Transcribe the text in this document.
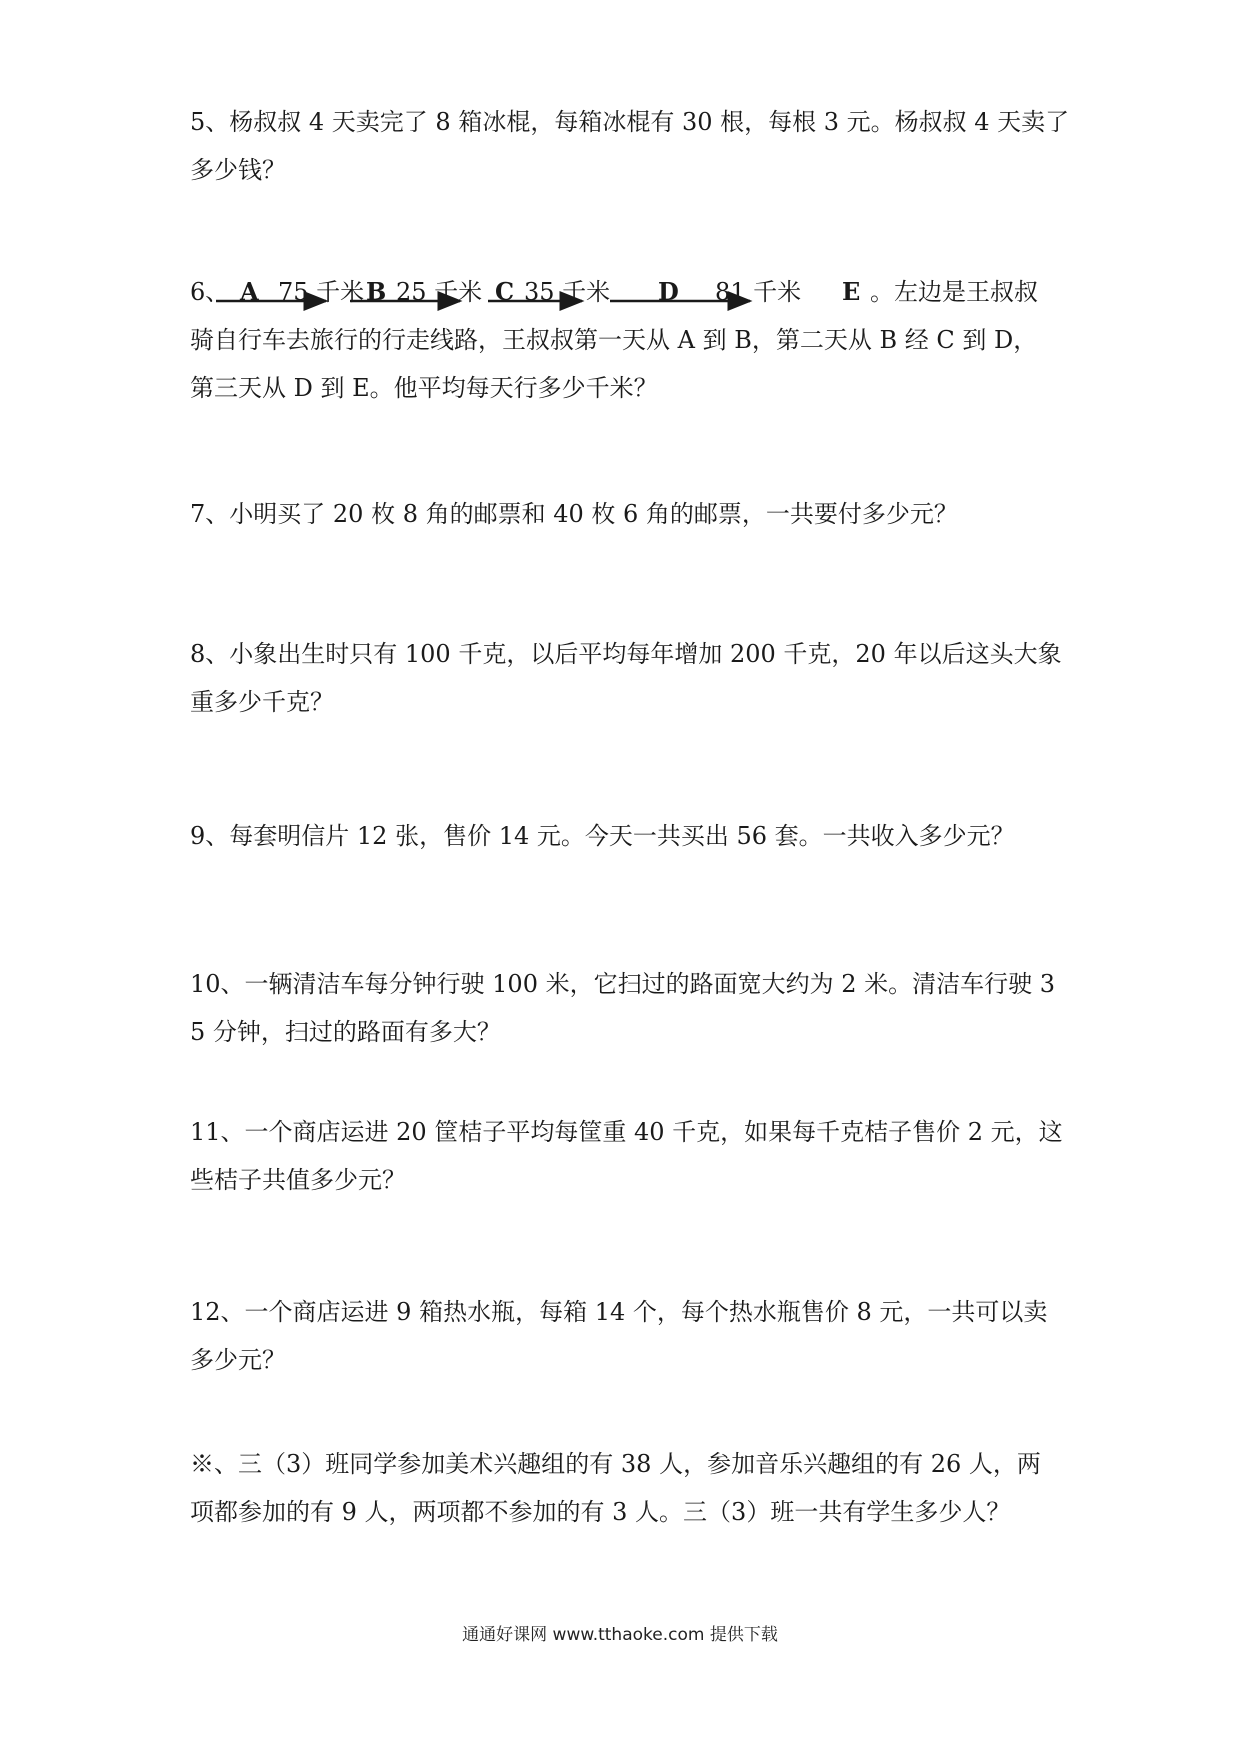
5、杨叔叔 4 天卖完了 8 箱冰棍，每箱冰棍有 30 根，每根 3 元。杨叔叔 4 天卖了
多少钱？
6、 A 75 千米 B 25 千米 C 35 千米 D 81 千米 E 。左边是王叔叔
骑自行车去旅行的行走线路，王叔叔第一天从 A 到 B，第二天从 B 经 C 到 D，
第三天从 D 到 E。他平均每天行多少千米？
7、小明买了 20 枚 8 角的邮票和 40 枚 6 角的邮票，一共要付多少元？
8、小象出生时只有 100 千克，以后平均每年增加 200 千克，20 年以后这头大象
重多少千克？
9、每套明信片 12 张，售价 14 元。今天一共买出 56 套。一共收入多少元？
10、一辆清洁车每分钟行驶 100 米，它扫过的路面宽大约为 2 米。清洁车行驶 3
5 分钟，扫过的路面有多大？
11、一个商店运进 20 筐桔子平均每筐重 40 千克，如果每千克桔子售价 2 元，这
些桔子共值多少元？
12、一个商店运进 9 箱热水瓶，每箱 14 个，每个热水瓶售价 8 元，一共可以卖
多少元？
※、三（3）班同学参加美术兴趣组的有 38 人，参加音乐兴趣组的有 26 人，两
项都参加的有 9 人，两项都不参加的有 3 人。三（3）班一共有学生多少人？
通通好课网 www.tthaoke.com 提供下载
